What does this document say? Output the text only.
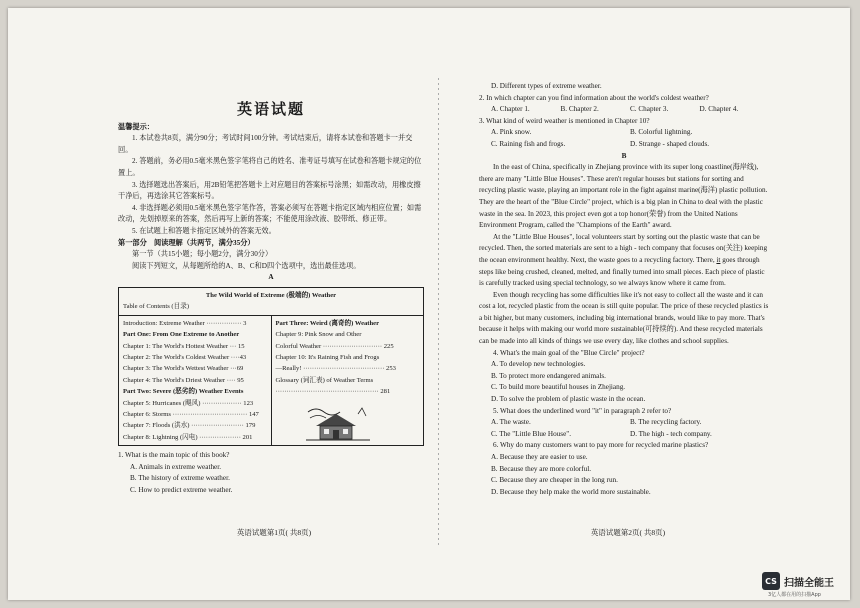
英语试题

温馨提示：

1. 本试卷共8页，满分90分；考试时间100分钟。考试结束后，请将本试卷和答题卡一并交回。

2. 答题前，务必用0.5毫米黑色签字笔将自己的姓名、准考证号填写在试卷和答题卡规定的位置上。

3. 选择题选出答案后，用2B铅笔把答题卡上对应题目的答案标号涂黑；如需改动，用橡皮擦干净后，再选涂其它答案标号。

4. 非选择题必须用0.5毫米黑色签字笔作答，答案必须写在答题卡指定区域内相应位置；如需改动，先划掉原来的答案，然后再写上新的答案；不能使用涂改液、胶带纸、修正带。

5. 在试题上和答题卡指定区域外的答案无效。

第一部分　阅读理解（共两节，满分35分）

第一节（共15小题；每小题2分，满分30分）

阅读下列短文，从每题所给的A、B、C和D四个选项中，选出最佳选项。

A

The Wild World of Extreme (极端的) Weather
Table of Contents (目录)
Introduction: Extreme Weather ················ 3
Part One: From One Extreme to Another
Chapter 1: The World's Hottest Weather ··· 15
Chapter 2: The World's Coldest Weather ····43
Chapter 3: The World's Wettest Weather ···69
Chapter 4: The World's Driest Weather ···· 95
Part Two: Severe (恶劣的) Weather Events
Chapter 5: Hurricanes (飓风) ·················· 123
Chapter 6: Storms ·································· 147
Chapter 7: Floods (洪水) ························ 179
Chapter 8: Lightning (闪电) ··················· 201
Part Three: Weird (离奇的) Weather
Chapter 9: Pink Snow and Other
Colorful Weather ··························· 225
Chapter 10: It's Raining Fish and Frogs
—Really! ····································· 253
Glossary (词汇表) of Weather Terms
··············································· 281

1. What is the main topic of this book?

A. Animals in extreme weather.

B. The history of extreme weather.

C. How to predict extreme weather.

英语试题第1页( 共8页)

D. Different types of extreme weather.

2. In which chapter can you find information about the world's coldest weather?

A. Chapter 1.	B. Chapter 2.	C. Chapter 3.	D. Chapter 4.

3. What kind of weird weather is mentioned in Chapter 10?

A. Pink snow.	B. Colorful lightning.
C. Raining fish and frogs.	D. Strange - shaped clouds.

B

In the east of China, specifically in Zhejiang province with its super long coastline(海岸线), there are many "Little Blue Houses". These aren't regular houses but stations for sorting and recycling plastic waste, playing an important role in the fight against marine(海洋) plastic pollution. They are the heart of the "Blue Circle" project, which is a big plan in China to deal with the plastic waste in the sea. In 2023, this project even got a top honor(荣誉) from the United Nations Environment Program, called the "Champions of the Earth" award.

At the "Little Blue Houses", local volunteers start by sorting out the plastic waste that can be recycled. Then, the sorted materials are sent to a high - tech company that focuses on(关注) keeping the ocean environment healthy. Next, the waste goes to a recycling factory. There, it goes through steps like being crushed, cleaned, melted, and finally turned into small pieces. Each piece of plastic is carefully tracked using special technology, so we always know where it came from.

Even though recycling has some difficulties like it's not easy to collect all the waste and it can cost a lot, recycled plastic from the ocean is still quite popular. The price of these recycled plastics is a bit higher, but many customers, including big international brands, would like to pay more. That's because it helps with making our world more sustainable(可持续的). And these recycled materials can be made into all kinds of things we use every day, like clothes and school supplies.

4. What's the main goal of the "Blue Circle" project?

A. To develop new technologies.

B. To protect more endangered animals.

C. To build more beautiful houses in Zhejiang.

D. To solve the problem of plastic waste in the ocean.

5. What does the underlined word "it" in paragraph 2 refer to?

A. The waste.	B. The recycling factory.
C. The "Little Blue House".	D. The high - tech company.

6. Why do many customers want to pay more for recycled marine plastics?

A. Because they are easier to use.

B. Because they are more colorful.

C. Because they are cheaper in the long run.

D. Because they help make the world more sustainable.

英语试题第2页( 共8页)
CS 扫描全能王
3亿人都在用的扫描App
